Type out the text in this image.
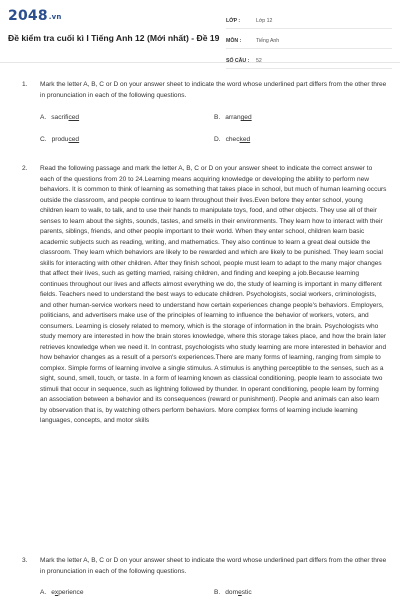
2048.vn
Đề kiểm tra cuối kì I Tiếng Anh 12 (Mới nhất) - Đề 19
LỚP :	Lớp 12
MÔN :	Tiếng Anh
SỐ CÂU :	52
1. Mark the letter A, B, C or D on your answer sheet to indicate the word whose underlined part differs from the other three in pronunciation in each of the following questions.
A. sacrificed	B. arranged
C. produced	D. checked
2. Read the following passage and mark the letter A, B, C or D on your answer sheet to indicate the correct answer to each of the questions from 20 to 24.Learning means acquiring knowledge or developing the ability to perform new behaviors. It is common to think of learning as something that takes place in school, but much of human learning occurs outside the classroom, and people continue to learn throughout their lives.Even before they enter school, young children learn to walk, to talk, and to use their hands to manipulate toys, food, and other objects. They use all of their senses to learn about the sights, sounds, tastes, and smells in their environments. They learn how to interact with their parents, siblings, friends, and other people important to their world. When they enter school, children learn basic academic subjects such as reading, writing, and mathematics. They also continue to learn a great deal outside the classroom. They learn which behaviors are likely to be rewarded and which are likely to be punished. They learn social skills for interacting with other children. After they finish school, people must learn to adapt to the many major changes that affect their lives, such as getting married, raising children, and finding and keeping a job.Because learning continues throughout our lives and affects almost everything we do, the study of learning is important in many different fields. Teachers need to understand the best ways to educate children. Psychologists, social workers, criminologists, and other human-service workers need to understand how certain experiences change people's behaviors. Employers, politicians, and advertisers make use of the principles of learning to influence the behavior of workers, voters, and consumers. Learning is closely related to memory, which is the storage of information in the brain. Psychologists who study memory are interested in how the brain stores knowledge, where this storage takes place, and how the brain later retrieves knowledge when we need it. In contrast, psychologists who study learning are more interested in behavior and how behavior changes as a result of a person's experiences.There are many forms of learning, ranging from simple to complex. Simple forms of learning involve a single stimulus. A stimulus is anything perceptible to the senses, such as a sight, sound, smell, touch, or taste. In a form of learning known as classical conditioning, people learn to associate two stimuli that occur in sequence, such as lightning followed by thunder. In operant conditioning, people learn by forming an association between a behavior and its consequences (reward or punishment). People and animals can also learn by observation that is, by watching others perform behaviors. More complex forms of learning include learning languages, concepts, and motor skills
3. Mark the letter A, B, C or D on your answer sheet to indicate the word whose underlined part differs from the other three in pronunciation in each of the following questions.
A. experience	B. domestic
